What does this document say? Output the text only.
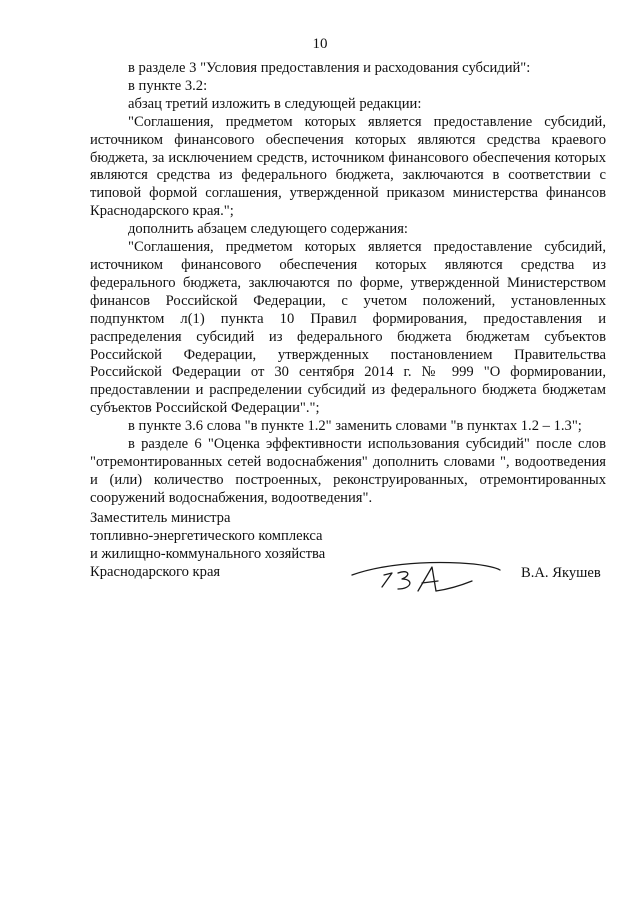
10

в разделе 3 "Условия предоставления и расходования субсидий":

в пункте 3.2:

абзац третий изложить в следующей редакции:

"Соглашения, предметом которых является предоставление субсидий, источником финансового обеспечения которых являются средства краевого бюджета, за исключением средств, источником финансового обеспечения которых являются средства из федерального бюджета, заключаются в соответствии с типовой формой соглашения, утвержденной приказом министерства финансов Краснодарского края.";

дополнить абзацем следующего содержания:

"Соглашения, предметом которых является предоставление субсидий, источником финансового обеспечения которых являются средства из федерального бюджета, заключаются по форме, утвержденной Министерством финансов Российской Федерации, с учетом положений, установленных подпунктом л(1) пункта 10 Правил формирования, предоставления и распределения субсидий из федерального бюджета бюджетам субъектов Российской Федерации, утвержденных постановлением Правительства Российской Федерации от 30 сентября 2014 г. № 999 "О формировании, предоставлении и распределении субсидий из федерального бюджета бюджетам субъектов Российской Федерации".";

в пункте 3.6 слова "в пункте 1.2" заменить словами "в пунктах 1.2 – 1.3";

в разделе 6 "Оценка эффективности использования субсидий" после слов "отремонтированных сетей водоснабжения" дополнить словами ", водоотведения и (или) количество построенных, реконструированных, отремонтированных сооружений водоснабжения, водоотведения".

Заместитель министра
топливно-энергетического комплекса
и жилищно-коммунального хозяйства
Краснодарского края	В.А. Якушев
